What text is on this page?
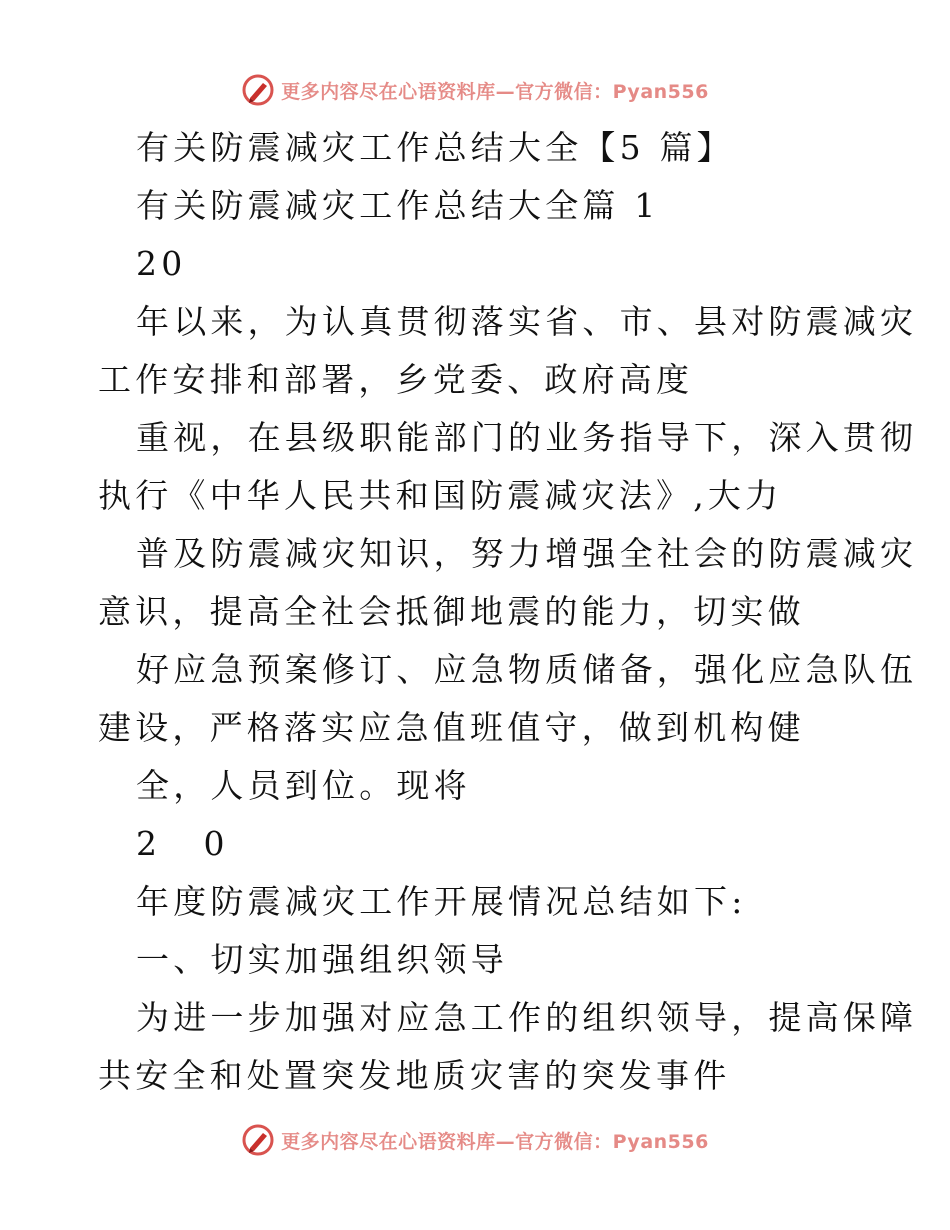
更多内容尽在心语资料库—官方微信：Pyan556
有关防震减灾工作总结大全【5 篇】
有关防震减灾工作总结大全篇 1
20
年以来，为认真贯彻落实省、市、县对防震减灾
工作安排和部署，乡党委、政府高度
重视，在县级职能部门的业务指导下，深入贯彻
执行《中华人民共和国防震减灾法》,大力
普及防震减灾知识，努力增强全社会的防震减灾
意识，提高全社会抵御地震的能力，切实做
好应急预案修订、应急物质储备，强化应急队伍
建设，严格落实应急值班值守，做到机构健
全，人员到位。现将
2 0
年度防震减灾工作开展情况总结如下:
一、切实加强组织领导
为进一步加强对应急工作的组织领导，提高保障
共安全和处置突发地质灾害的突发事件
更多内容尽在心语资料库—官方微信：Pyan556
